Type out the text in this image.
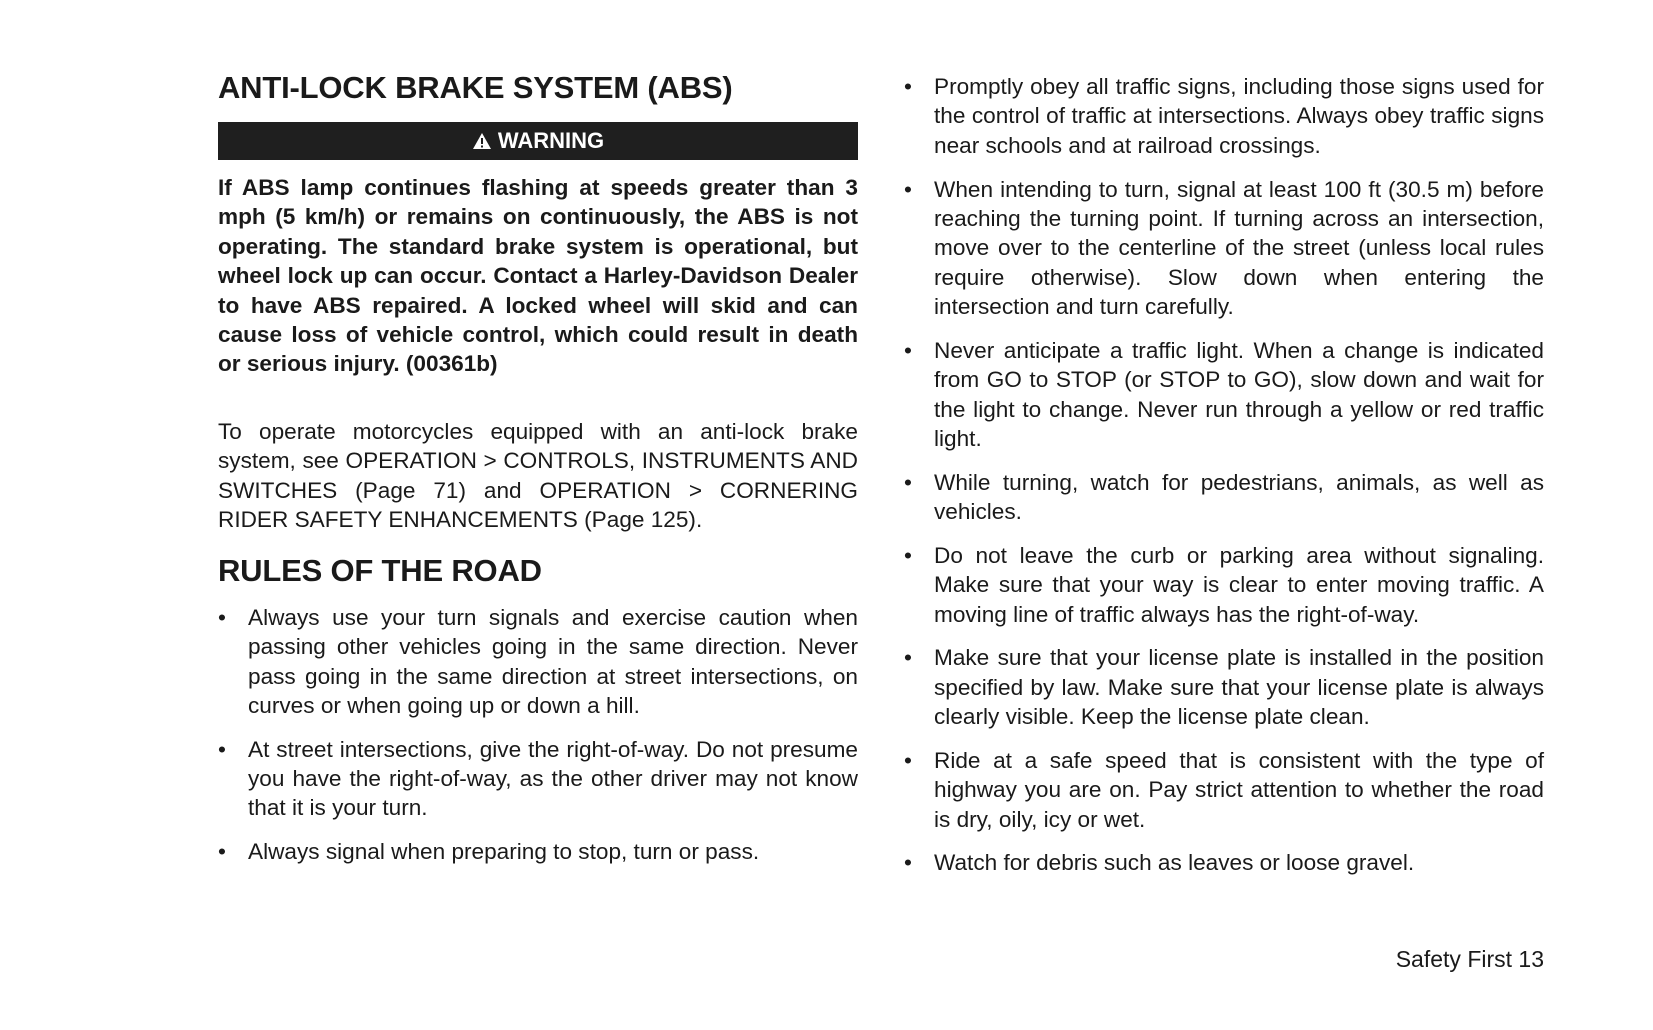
ANTI-LOCK BRAKE SYSTEM (ABS)
WARNING

If ABS lamp continues flashing at speeds greater than 3 mph (5 km/h) or remains on continuously, the ABS is not operating. The standard brake system is operational, but wheel lock up can occur. Contact a Harley-Davidson Dealer to have ABS repaired. A locked wheel will skid and can cause loss of vehicle control, which could result in death or serious injury. (00361b)

To operate motorcycles equipped with an anti-lock brake system, see OPERATION > CONTROLS, INSTRUMENTS AND SWITCHES (Page 71) and OPERATION > CORNERING RIDER SAFETY ENHANCEMENTS (Page 125).

RULES OF THE ROAD
• Always use your turn signals and exercise caution when passing other vehicles going in the same direction. Never pass going in the same direction at street intersections, on curves or when going up or down a hill.
• At street intersections, give the right-of-way. Do not presume you have the right-of-way, as the other driver may not know that it is your turn.
• Always signal when preparing to stop, turn or pass.
• Promptly obey all traffic signs, including those signs used for the control of traffic at intersections. Always obey traffic signs near schools and at railroad crossings.
• When intending to turn, signal at least 100 ft (30.5 m) before reaching the turning point. If turning across an intersection, move over to the centerline of the street (unless local rules require otherwise). Slow down when entering the intersection and turn carefully.
• Never anticipate a traffic light. When a change is indicated from GO to STOP (or STOP to GO), slow down and wait for the light to change. Never run through a yellow or red traffic light.
• While turning, watch for pedestrians, animals, as well as vehicles.
• Do not leave the curb or parking area without signaling. Make sure that your way is clear to enter moving traffic. A moving line of traffic always has the right-of-way.
• Make sure that your license plate is installed in the position specified by law. Make sure that your license plate is always clearly visible. Keep the license plate clean.
• Ride at a safe speed that is consistent with the type of highway you are on. Pay strict attention to whether the road is dry, oily, icy or wet.
• Watch for debris such as leaves or loose gravel.
Safety First 13
